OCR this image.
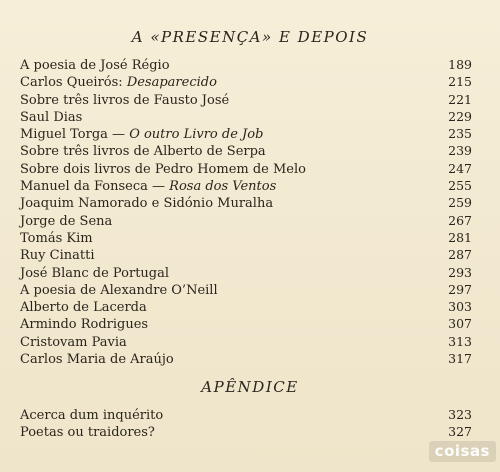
A «PRESENÇA» E DEPOIS
A poesia de José Régio	189
Carlos Queirós: Desaparecido	215
Sobre três livros de Fausto José	221
Saul Dias	229
Miguel Torga — O outro Livro de Job	235
Sobre três livros de Alberto de Serpa	239
Sobre dois livros de Pedro Homem de Melo	247
Manuel da Fonseca — Rosa dos Ventos	255
Joaquim Namorado e Sidónio Muralha	259
Jorge de Sena	267
Tomás Kim	281
Ruy Cinatti	287
José Blanc de Portugal	293
A poesia de Alexandre O’Neill	297
Alberto de Lacerda	303
Armindo Rodrigues	307
Cristovam Pavia	313
Carlos Maria de Araújo	317
APÊNDICE
Acerca dum inquérito	323
Poetas ou traidores?	327
coisas
